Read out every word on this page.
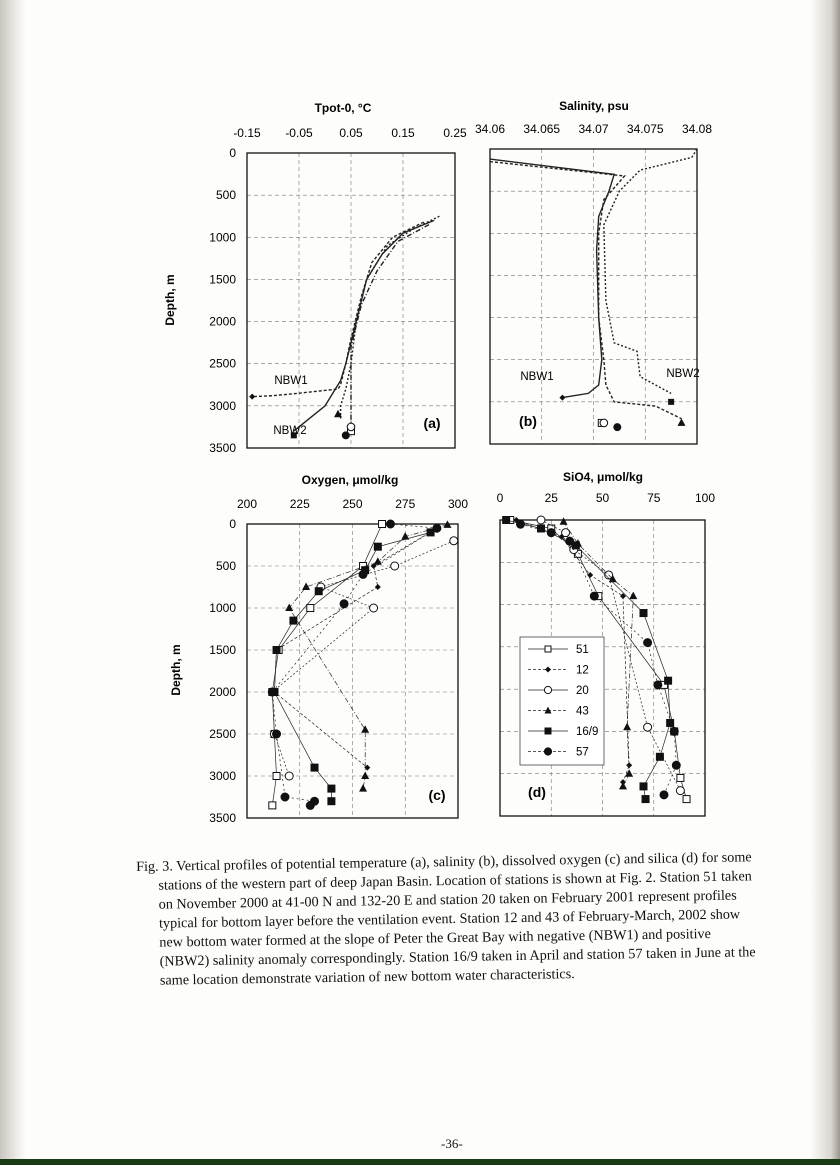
-0.15 -0.05 0.05 0.15 0.25
0
500
1000
1500
2000
2500
3000
3500
Tpot-0, °C
Depth, m
(a)
NBW1
NBW2
34.06 34.065 34.07 34.075 34.08
Salinity, psu
(b)
NBW1	NBW2
200	225	250	275	300
0
500
1000
1500
2000
2500
3000
3500
Oxygen, μmol/kg
Depth, m
(c)
0	25	50	75	100
SiO4, μmol/kg
(d)
51
12
20
43
16/9
57
Fig. 3. Vertical profiles of potential temperature (a), salinity (b), dissolved oxygen (c) and silica (d) for some stations of the western part of deep Japan Basin. Location of stations is shown at Fig. 2. Station 51 taken on November 2000 at 41-00 N and 132-20 E and station 20 taken on February 2001 represent profiles typical for bottom layer before the ventilation event. Station 12 and 43 of February-March, 2002 show new bottom water formed at the slope of Peter the Great Bay with negative (NBW1) and positive (NBW2) salinity anomaly correspondingly. Station 16/9 taken in April and station 57 taken in June at the same location demonstrate variation of new bottom water characteristics.
-36-
